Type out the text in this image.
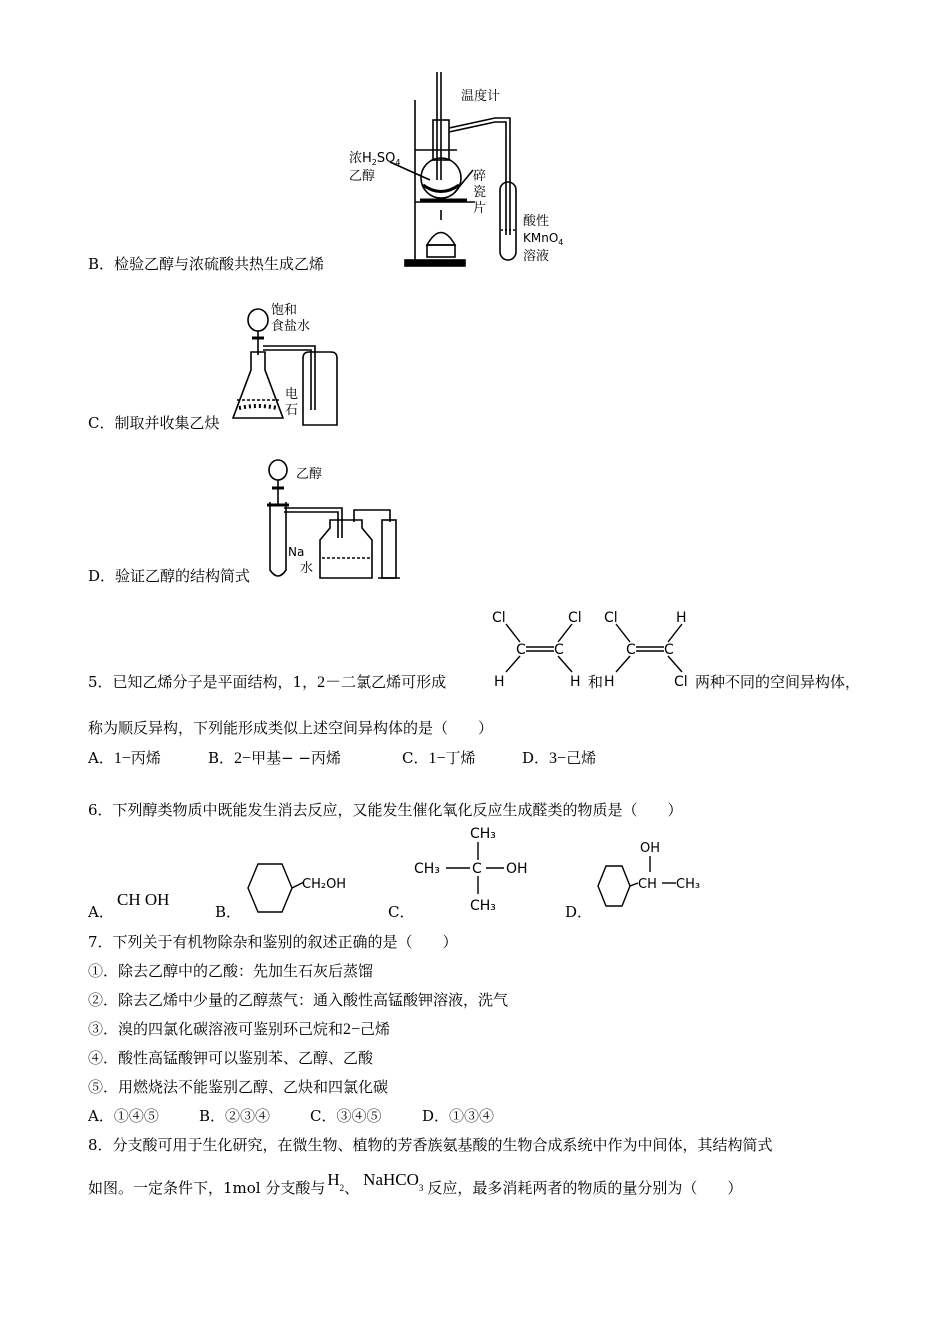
温度计
浓$H_2SO_4$
乙醇	碎
瓷
片
酸性
KMnO$_4$
溶液
B．检验乙醇与浓硫酸共热生成乙烯
饱和
食盐水
电
石
C．制取并收集乙炔
乙醇
Na
水
D．验证乙醇的结构简式
5．已知乙烯分子是平面结构，1，2－二氯乙烯可形成
Cl	Cl
C C
H	H 和
Cl	H
C C
H	Cl 两种不同的空间异构体，
称为顺反异构，下列能形成类似上述空间异构体的是（　　）
A．1−丙烯	B．2−甲基− −丙烯	C．1−丁烯	D．3−己烯
6．下列醇类物质中既能发生消去反应，又能发生催化氧化反应生成醛类的物质是（　　）
A．
CH OH
B．
CH₂OH
C．
CH₃
CH₃ C OH
CH₃	D．
OH
CH CH₃
7．下列关于有机物除杂和鉴别的叙述正确的是（　　）
①．除去乙醇中的乙酸：先加生石灰后蒸馏
②．除去乙烯中少量的乙醇蒸气：通入酸性高锰酸钾溶液，洗气
③．溴的四氯化碳溶液可鉴别环己烷和2−己烯
④．酸性高锰酸钾可以鉴别苯、乙醇、乙酸
⑤．用燃烧法不能鉴别乙醇、乙炔和四氯化碳
A．①④⑤	B．②③④	C．③④⑤	D．①③④
8．分支酸可用于生化研究，在微生物、植物的芳香族氨基酸的生物合成系统中作为中间体，其结构简式
如图。一定条件下，1mol 分支酸与 H2、 NaHCO3 反应，最多消耗两者的物质的量分别为（　　）
